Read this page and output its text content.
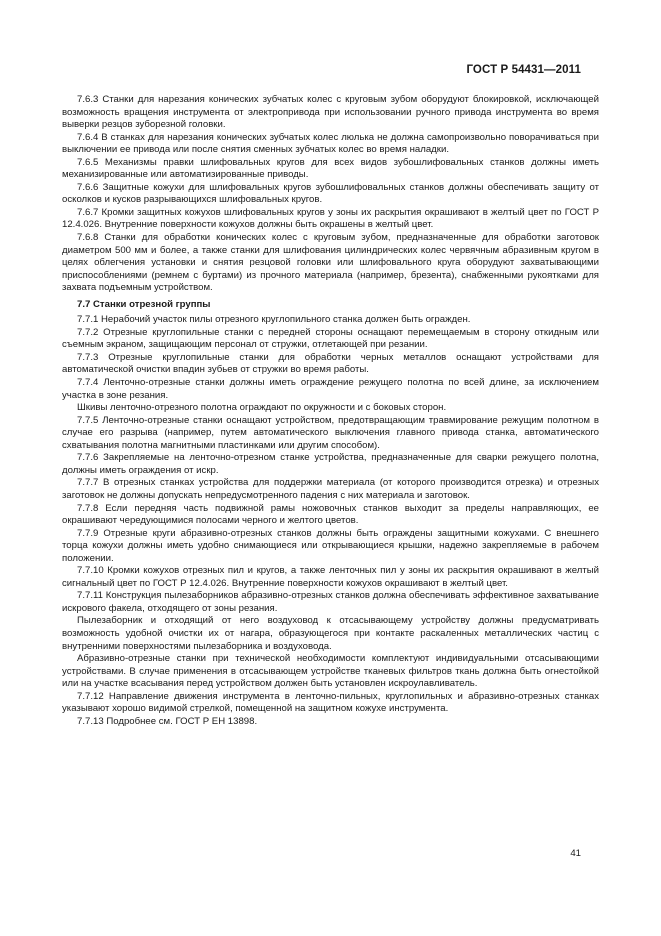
ГОСТ Р 54431—2011

7.6.3 Станки для нарезания конических зубчатых колес с круговым зубом оборудуют блокировкой, исключающей возможность вращения инструмента от электропривода при использовании ручного привода инструмента во время выверки резцов зуборезной головки.

7.6.4 В станках для нарезания конических зубчатых колес люлька не должна самопроизвольно поворачиваться при выключении ее привода или после снятия сменных зубчатых колес во время наладки.

7.6.5 Механизмы правки шлифовальных кругов для всех видов зубошлифовальных станков должны иметь механизированные или автоматизированные приводы.

7.6.6 Защитные кожухи для шлифовальных кругов зубошлифовальных станков должны обеспечивать защиту от осколков и кусков разрывающихся шлифовальных кругов.

7.6.7 Кромки защитных кожухов шлифовальных кругов у зоны их раскрытия окрашивают в желтый цвет по ГОСТ Р 12.4.026. Внутренние поверхности кожухов должны быть окрашены в желтый цвет.

7.6.8 Станки для обработки конических колес с круговым зубом, предназначенные для обработки заготовок диаметром 500 мм и более, а также станки для шлифования цилиндрических колес червячным абразивным кругом в целях облегчения установки и снятия резцовой головки или шлифовального круга оборудуют захватывающими приспособлениями (ремнем с буртами) из прочного материала (например, брезента), снабженными рукоятками для захвата подъемным устройством.

7.7 Станки отрезной группы

7.7.1 Нерабочий участок пилы отрезного круглопильного станка должен быть огражден.

7.7.2 Отрезные круглопильные станки с передней стороны оснащают перемещаемым в сторону откидным или съемным экраном, защищающим персонал от стружки, отлетающей при резании.

7.7.3 Отрезные круглопильные станки для обработки черных металлов оснащают устройствами для автоматической очистки впадин зубьев от стружки во время работы.

7.7.4 Ленточно-отрезные станки должны иметь ограждение режущего полотна по всей длине, за исключением участка в зоне резания.

Шкивы ленточно-отрезного полотна ограждают по окружности и с боковых сторон.

7.7.5 Ленточно-отрезные станки оснащают устройством, предотвращающим травмирование режущим полотном в случае его разрыва (например, путем автоматического выключения главного привода станка, автоматического схватывания полотна магнитными пластинками или другим способом).

7.7.6 Закрепляемые на ленточно-отрезном станке устройства, предназначенные для сварки режущего полотна, должны иметь ограждения от искр.

7.7.7 В отрезных станках устройства для поддержки материала (от которого производится отрезка) и отрезных заготовок не должны допускать непредусмотренного падения с них материала и заготовок.

7.7.8 Если передняя часть подвижной рамы ножовочных станков выходит за пределы направляющих, ее окрашивают чередующимися полосами черного и желтого цветов.

7.7.9 Отрезные круги абразивно-отрезных станков должны быть ограждены защитными кожухами. С внешнего торца кожухи должны иметь удобно снимающиеся или открывающиеся крышки, надежно закрепляемые в рабочем положении.

7.7.10 Кромки кожухов отрезных пил и кругов, а также ленточных пил у зоны их раскрытия окрашивают в желтый сигнальный цвет по ГОСТ Р 12.4.026. Внутренние поверхности кожухов окрашивают в желтый цвет.

7.7.11 Конструкция пылезаборников абразивно-отрезных станков должна обеспечивать эффективное захватывание искрового факела, отходящего от зоны резания.

Пылезаборник и отходящий от него воздуховод к отсасывающему устройству должны предусматривать возможность удобной очистки их от нагара, образующегося при контакте раскаленных металлических частиц с внутренними поверхностями пылезаборника и воздуховода.

Абразивно-отрезные станки при технической необходимости комплектуют индивидуальными отсасывающими устройствами. В случае применения в отсасывающем устройстве тканевых фильтров ткань должна быть огнестойкой или на участке всасывания перед устройством должен быть установлен искроулавливатель.

7.7.12 Направление движения инструмента в ленточно-пильных, круглопильных и абразивно-отрезных станках указывают хорошо видимой стрелкой, помещенной на защитном кожухе инструмента.

7.7.13 Подробнее см. ГОСТ Р ЕН 13898.

41
